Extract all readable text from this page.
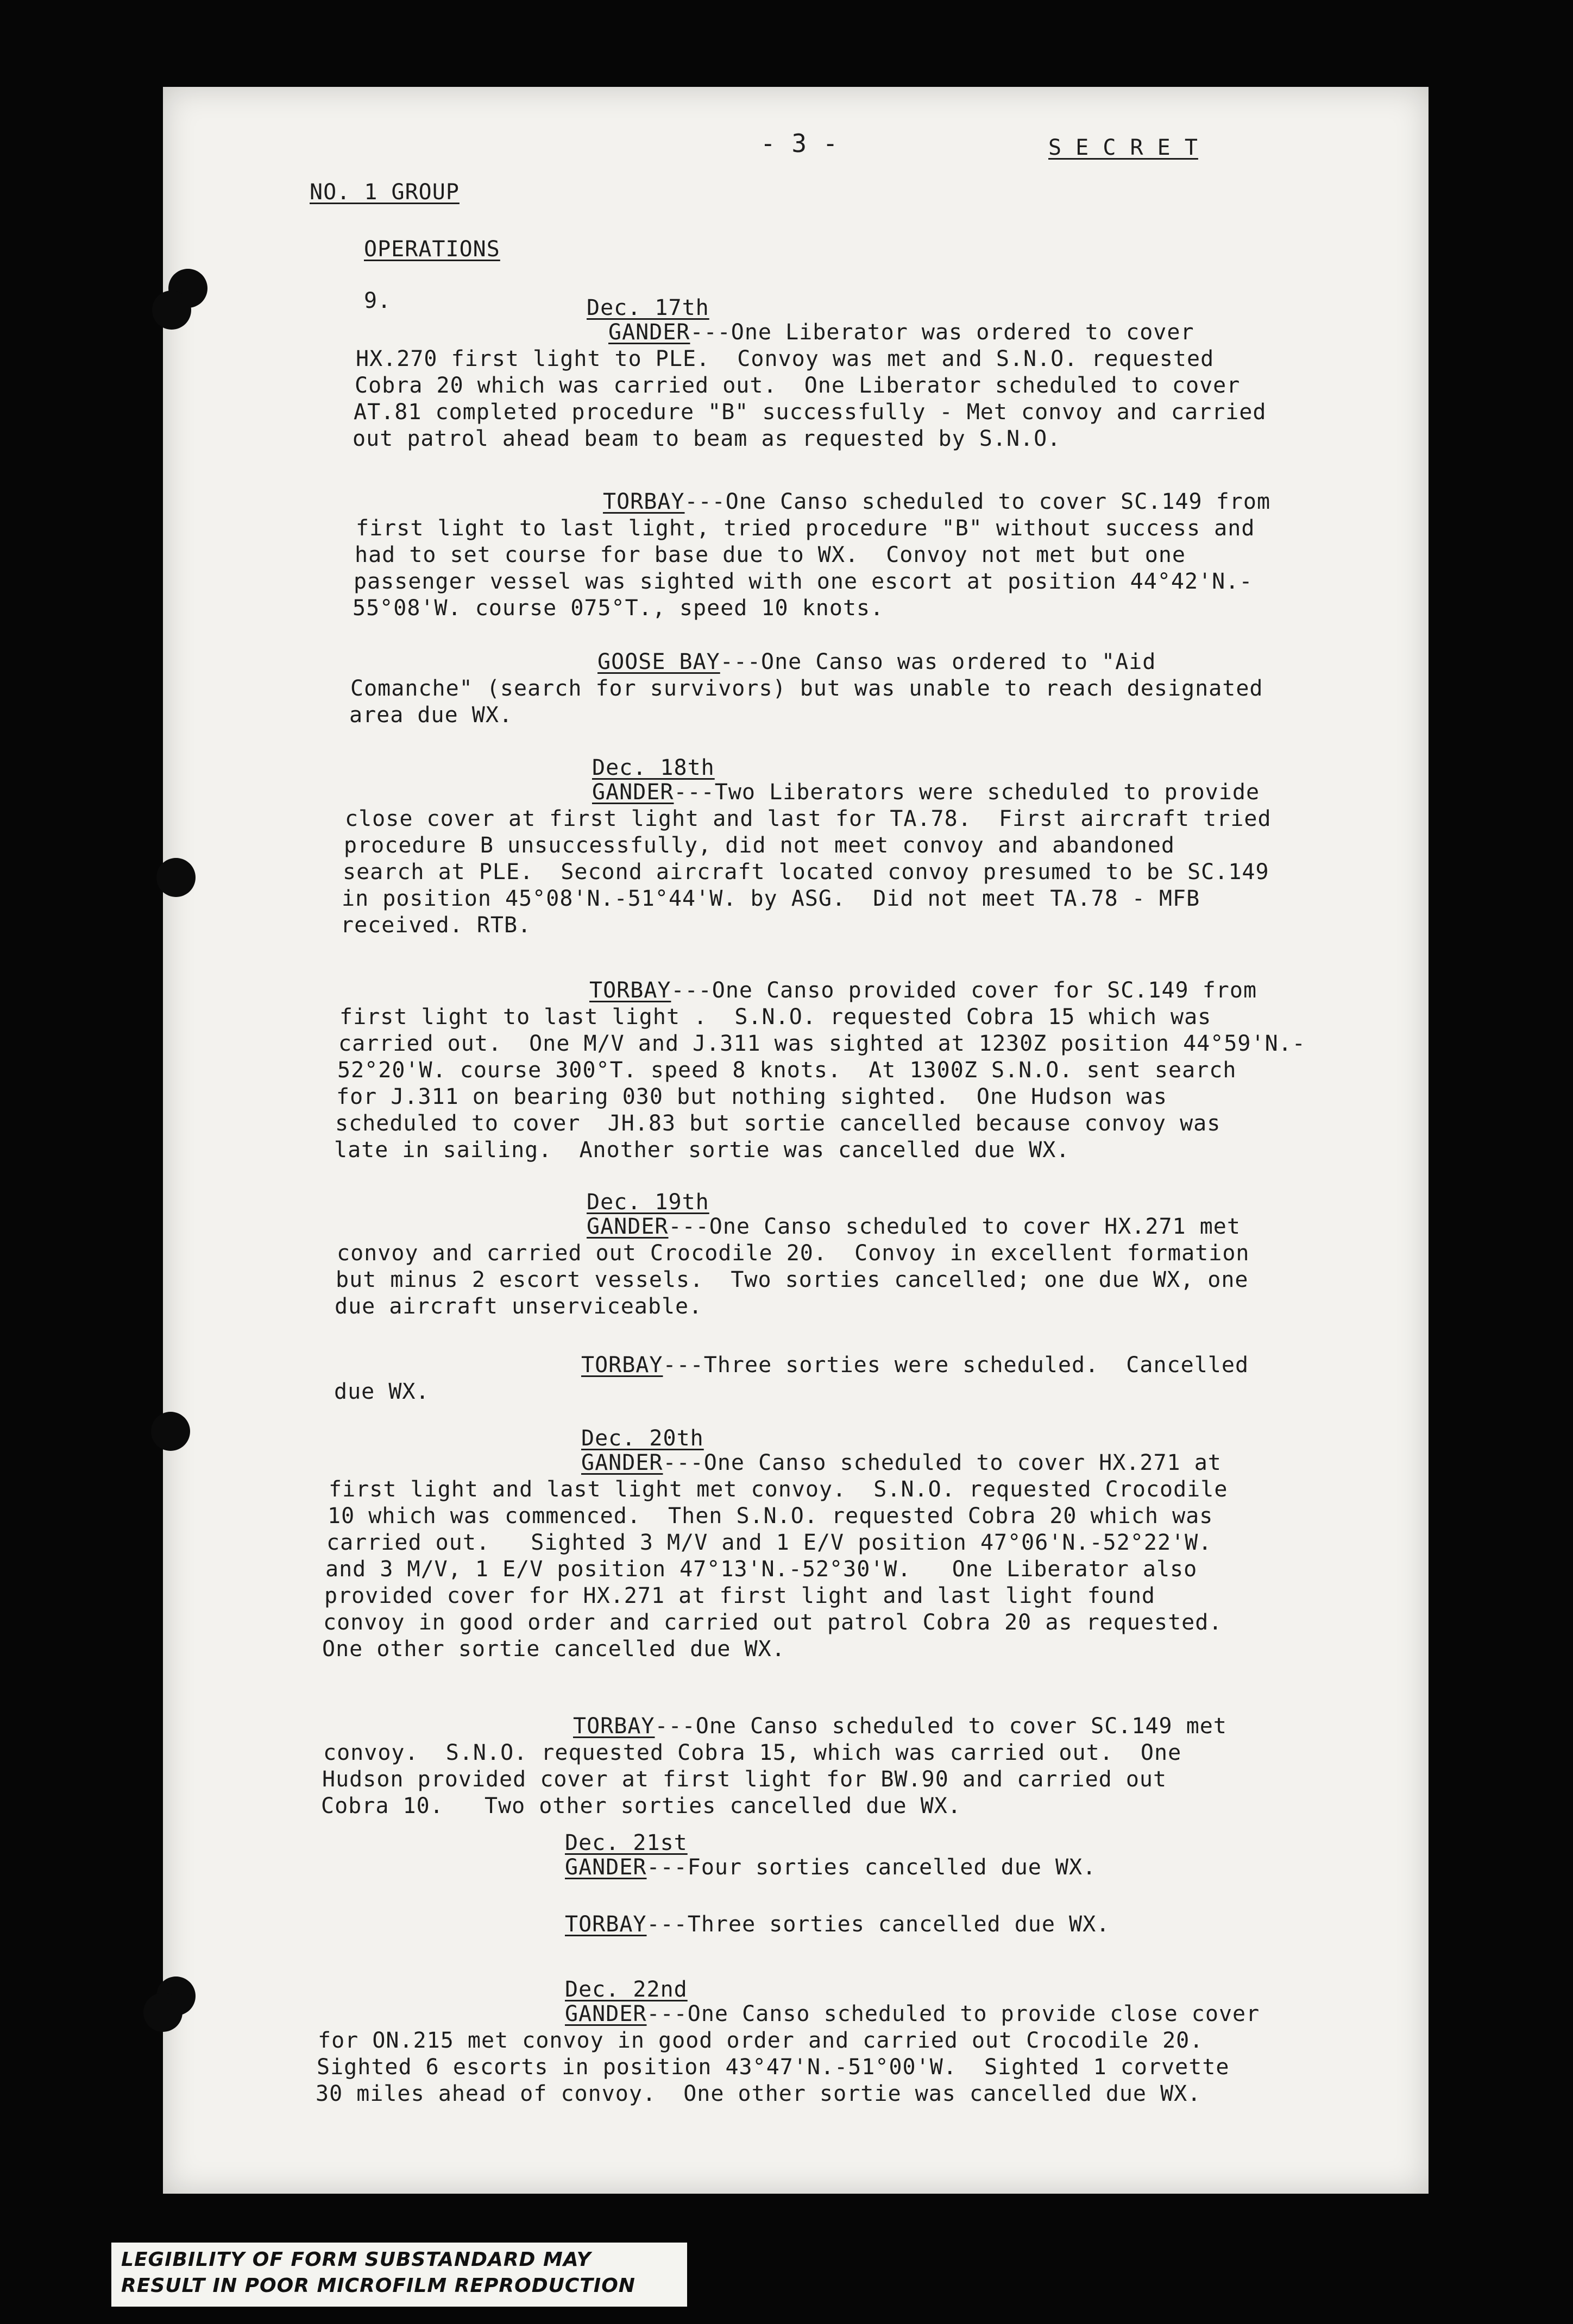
- 3 -	S E C R E T
NO. 1 GROUP
OPERATIONS
9.	Dec. 17th
GANDER---One Liberator was ordered to cover
HX.270 first light to PLE.  Convoy was met and S.N.O. requested
Cobra 20 which was carried out.  One Liberator scheduled to cover
AT.81 completed procedure "B" successfully - Met convoy and carried
out patrol ahead beam to beam as requested by S.N.O.
TORBAY---One Canso scheduled to cover SC.149 from
first light to last light, tried procedure "B" without success and
had to set course for base due to WX.  Convoy not met but one
passenger vessel was sighted with one escort at position 44°42'N.-
55°08'W. course 075°T., speed 10 knots.
GOOSE BAY---One Canso was ordered to "Aid
Comanche" (search for survivors) but was unable to reach designated
area due WX.
Dec. 18th
GANDER---Two Liberators were scheduled to provide
close cover at first light and last for TA.78.  First aircraft tried
procedure B unsuccessfully, did not meet convoy and abandoned
search at PLE.  Second aircraft located convoy presumed to be SC.149
in position 45°08'N.-51°44'W. by ASG.  Did not meet TA.78 - MFB
received. RTB.
TORBAY---One Canso provided cover for SC.149 from
first light to last light .  S.N.O. requested Cobra 15 which was
carried out.  One M/V and J.311 was sighted at 1230Z position 44°59'N.-
52°20'W. course 300°T. speed 8 knots.  At 1300Z S.N.O. sent search
for J.311 on bearing 030 but nothing sighted.  One Hudson was
scheduled to cover  JH.83 but sortie cancelled because convoy was
late in sailing.  Another sortie was cancelled due WX.
Dec. 19th
GANDER---One Canso scheduled to cover HX.271 met
convoy and carried out Crocodile 20.  Convoy in excellent formation
but minus 2 escort vessels.  Two sorties cancelled; one due WX, one
due aircraft unserviceable.
TORBAY---Three sorties were scheduled.  Cancelled
due WX.
Dec. 20th
GANDER---One Canso scheduled to cover HX.271 at
first light and last light met convoy.  S.N.O. requested Crocodile
10 which was commenced.  Then S.N.O. requested Cobra 20 which was
carried out.   Sighted 3 M/V and 1 E/V position 47°06'N.-52°22'W.
and 3 M/V, 1 E/V position 47°13'N.-52°30'W.   One Liberator also
provided cover for HX.271 at first light and last light found
convoy in good order and carried out patrol Cobra 20 as requested.
One other sortie cancelled due WX.
TORBAY---One Canso scheduled to cover SC.149 met
convoy.  S.N.O. requested Cobra 15, which was carried out.  One
Hudson provided cover at first light for BW.90 and carried out
Cobra 10.   Two other sorties cancelled due WX.
Dec. 21st
GANDER---Four sorties cancelled due WX.
TORBAY---Three sorties cancelled due WX.
Dec. 22nd
GANDER---One Canso scheduled to provide close cover
for ON.215 met convoy in good order and carried out Crocodile 20.
Sighted 6 escorts in position 43°47'N.-51°00'W.  Sighted 1 corvette
30 miles ahead of convoy.  One other sortie was cancelled due WX.
LEGIBILITY OF FORM SUBSTANDARD MAY
RESULT IN POOR MICROFILM REPRODUCTION
